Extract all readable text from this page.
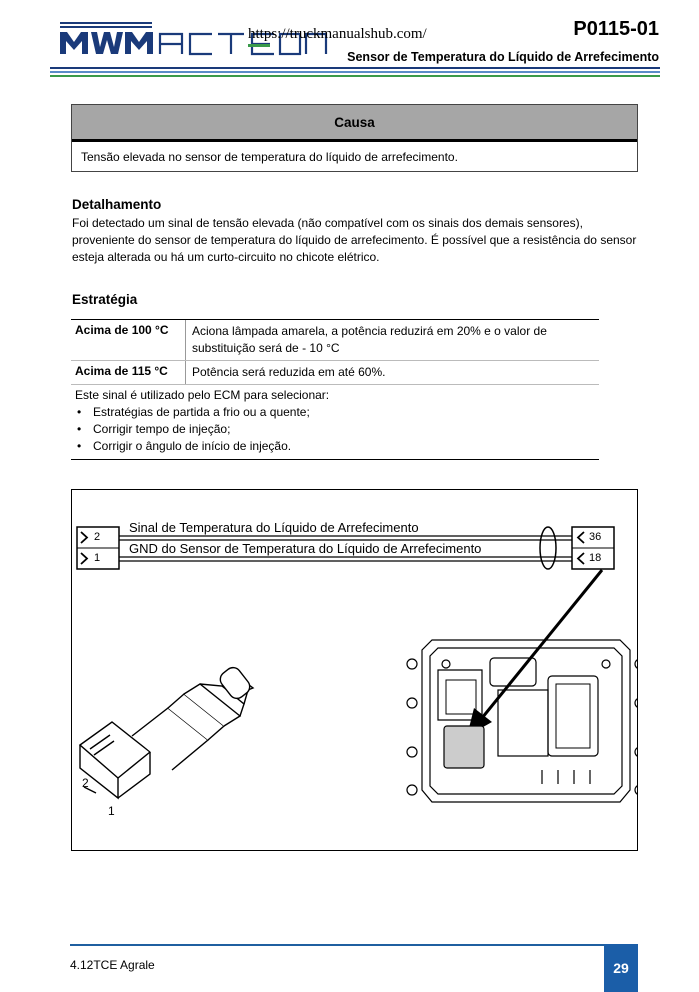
https://truckmanualshub.com/	P0115-01
Sensor de Temperatura do Líquido de Arrefecimento
Causa
Tensão elevada no sensor de temperatura do líquido de arrefecimento.
Detalhamento
Foi detectado um sinal de tensão elevada (não compatível com os sinais dos demais sensores), proveniente do sensor de temperatura do líquido de arrefecimento. É possível que a resistência do sensor esteja alterada ou há um curto-circuito no chicote elétrico.
Estratégia
Acima de 100 °C	Aciona lâmpada amarela, a potência reduzirá em 20% e o valor de substituição será de - 10 °C
Acima de 115 °C	Potência será reduzida em até 60%.
Este sinal é utilizado pelo ECM para selecionar:
• Estratégias de partida a frio ou a quente;
• Corrigir tempo de injeção;
• Corrigir o ângulo de início de injeção.
2
1
36
18
Sinal de Temperatura do Líquido de Arrefecimento
GND do Sensor de Temperatura do Líquido de Arrefecimento
2
1
4.12TCE Agrale	29
